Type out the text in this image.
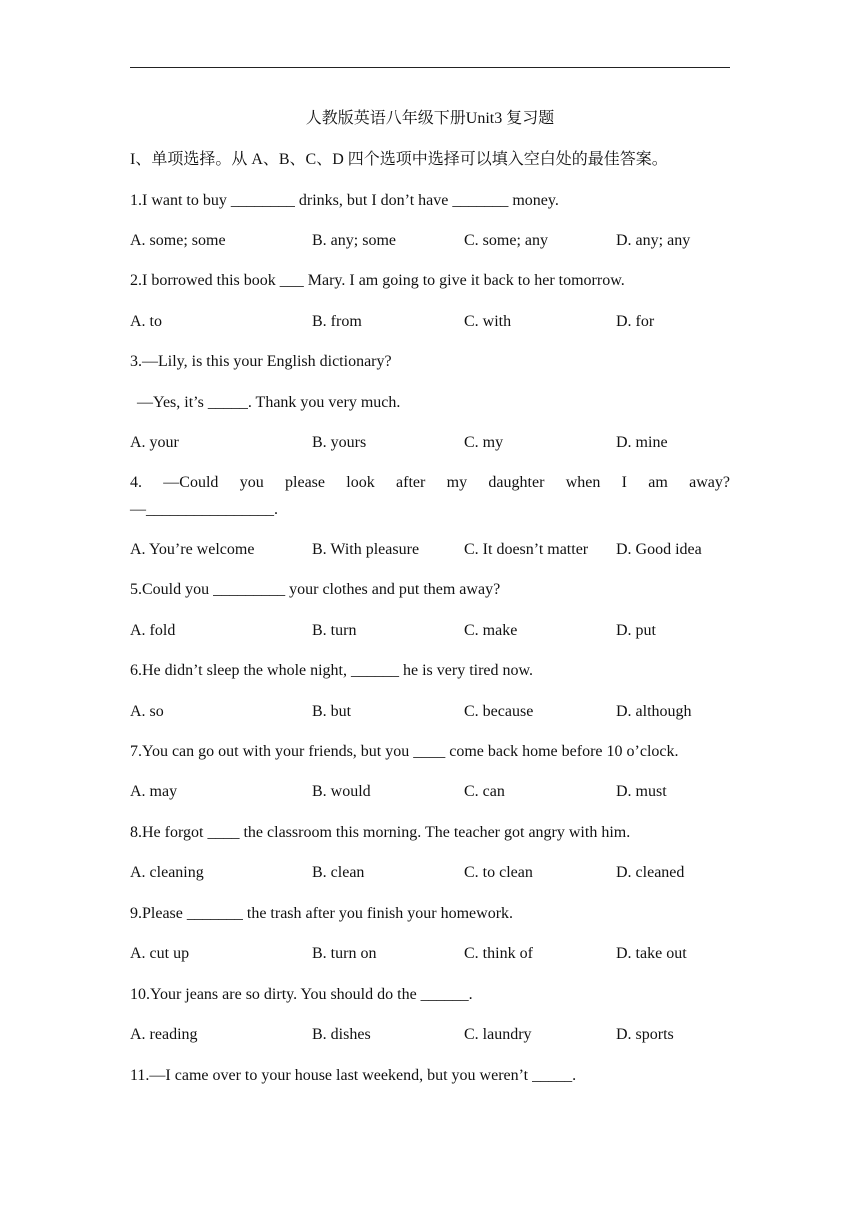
人教版英语八年级下册Unit3 复习题
I、单项选择。从 A、B、C、D 四个选项中选择可以填入空白处的最佳答案。
1.I want to buy ________ drinks, but I don’t have _______ money.
A. some; some	B. any; some	C. some; any	D. any; any
2.I borrowed this book ___ Mary. I am going to give it back to her tomorrow.
A. to	B. from	C. with	D. for
3.—Lily, is this your English dictionary?
—Yes, it’s _____. Thank you very much.
A. your	B. yours	C. my	D. mine
4. —Could you please look after my daughter when I am away?
—________________.
A. You’re welcome	B. With pleasure	C. It doesn’t matter D. Good idea
5.Could you _________ your clothes and put them away?
A. fold	B. turn	C. make	D. put
6.He didn’t sleep the whole night, ______ he is very tired now.
A. so	B. but	C. because	D. although
7.You can go out with your friends, but you ____ come back home before 10 o’clock.
A. may	B. would	C. can	D. must
8.He forgot ____ the classroom this morning. The teacher got angry with him.
A. cleaning	B. clean	C. to clean	D. cleaned
9.Please _______ the trash after you finish your homework.
A. cut up	B. turn on	C. think of	D. take out
10.Your jeans are so dirty. You should do the ______.
A. reading	B. dishes	C. laundry	D. sports
11.—I came over to your house last weekend, but you weren’t _____.
